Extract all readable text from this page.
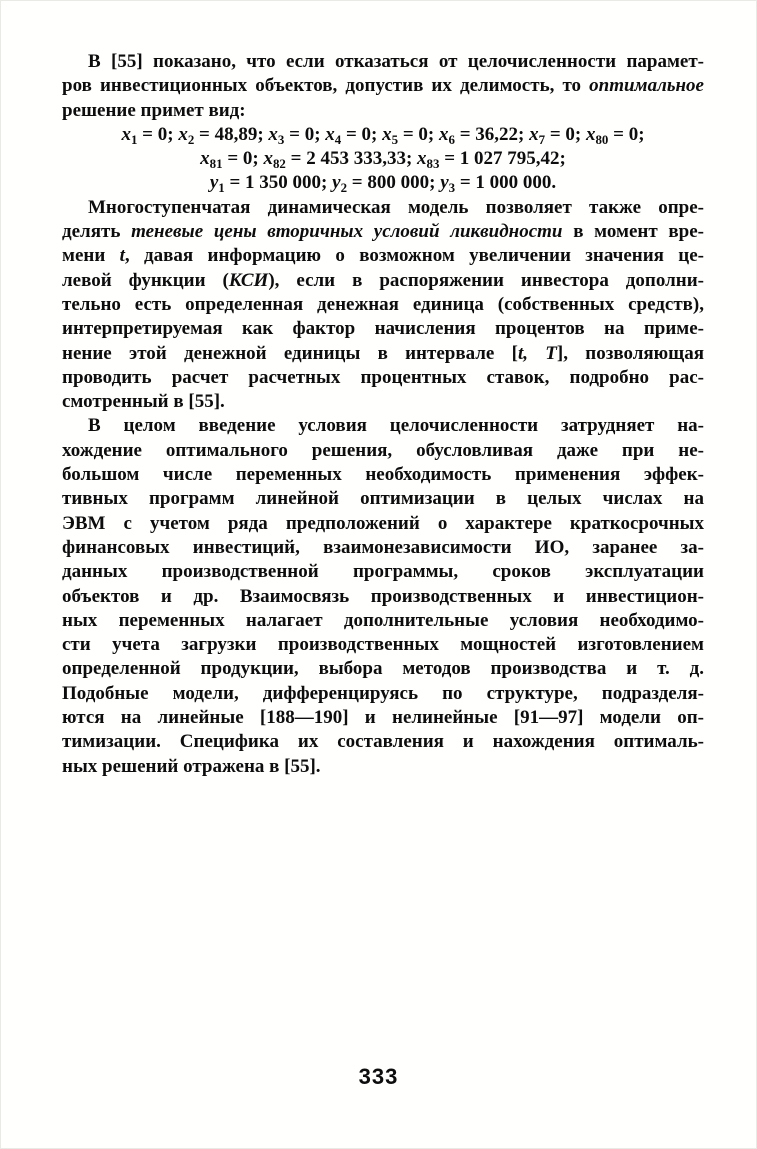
В [55] показано, что если отказаться от целочисленности парамет-
ров инвестиционных объектов, допустив их делимость, то оптимальное
решение примет вид:
$x_1 = 0$; $x_2 = 48,89$; $x_3 = 0$; $x_4 = 0$; $x_5 = 0$; $x_6 = 36,22$; $x_7 = 0$; $x_{80} = 0$;
$x_{81} = 0$; $x_{82} = 2$ 453 333,33; $x_{83} = 1$ 027 795,42;
$y_1 = 1$ 350 000; $y_2 = 800$ 000; $y_3 = 1$ 000 000.
Многоступенчатая динамическая модель позволяет также опре-
делять теневые цены вторичных условий ликвидности в момент вре-
мени t, давая информацию о возможном увеличении значения це-
левой функции (КСИ), если в распоряжении инвестора дополни-
тельно есть определенная денежная единица (собственных средств),
интерпретируемая как фактор начисления процентов на приме-
нение этой денежной единицы в интервале [t, T], позволяющая
проводить расчет расчетных процентных ставок, подробно рас-
смотренный в [55].
В целом введение условия целочисленности затрудняет на-
хождение оптимального решения, обусловливая даже при не-
большом числе переменных необходимость применения эффек-
тивных программ линейной оптимизации в целых числах на
ЭВМ с учетом ряда предположений о характере краткосрочных
финансовых инвестиций, взаимонезависимости ИО, заранее за-
данных производственной программы, сроков эксплуатации
объектов и др. Взаимосвязь производственных и инвестицион-
ных переменных налагает дополнительные условия необходимо-
сти учета загрузки производственных мощностей изготовлением
определенной продукции, выбора методов производства и т. д.
Подобные модели, дифференцируясь по структуре, подразделя-
ются на линейные [188—190] и нелинейные [91—97] модели оп-
тимизации. Специфика их составления и нахождения оптималь-
ных решений отражена в [55].
333
